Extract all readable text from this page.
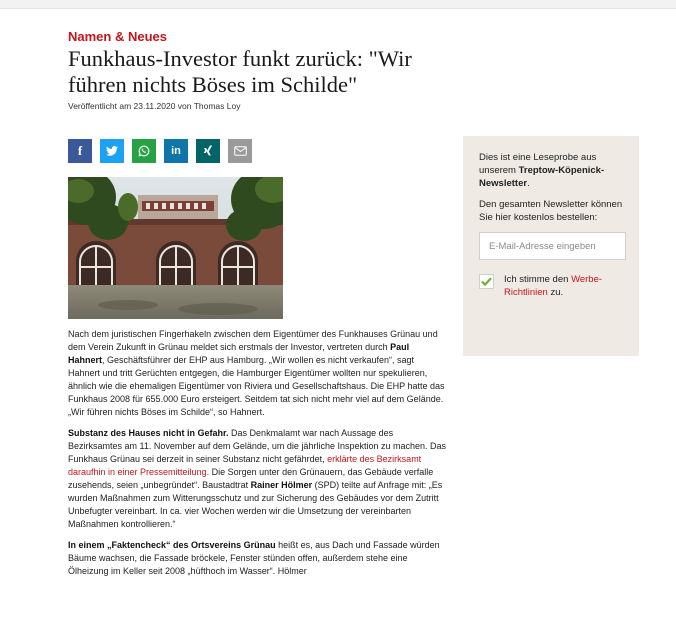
Namen & Neues
Funkhaus-Investor funkt zurück: "Wir führen nichts Böses im Schilde"
Veröffentlicht am 23.11.2020 von Thomas Loy
f	in

Nach dem juristischen Fingerhakeln zwischen dem Eigentümer des Funkhauses Grünau und dem Verein Zukunft in Grünau meldet sich erstmals der Investor, vertreten durch Paul Hahnert, Geschäftsführer der EHP aus Hamburg. „Wir wollen es nicht verkaufen“, sagt Hahnert und tritt Gerüchten entgegen, die Hamburger Eigentümer wollten nur spekulieren, ähnlich wie die ehemaligen Eigentümer von Riviera und Gesellschaftshaus. Die EHP hatte das Funkhaus 2008 für 655.000 Euro ersteigert. Seitdem tat sich nicht mehr viel auf dem Gelände. „Wir führen nichts Böses im Schilde“, so Hahnert.

Substanz des Hauses nicht in Gefahr. Das Denkmalamt war nach Aussage des Bezirksamtes am 11. November auf dem Gelände, um die jährliche Inspektion zu machen. Das Funkhaus Grünau sei derzeit in seiner Substanz nicht gefährdet, erklärte des Bezirksamt daraufhin in einer Pressemitteilung. Die Sorgen unter den Grünauern, das Gebäude verfalle zusehends, seien „unbegründet“. Baustadtrat Rainer Hölmer (SPD) teilte auf Anfrage mit: „Es wurden Maßnahmen zum Witterungsschutz und zur Sicherung des Gebäudes vor dem Zutritt Unbefugter vereinbart. In ca. vier Wochen werden wir die Umsetzung der vereinbarten Maßnahmen kontrollieren.“

In einem „Faktencheck“ des Ortsvereins Grünau heißt es, aus Dach und Fassade würden Bäume wachsen, die Fassade bröckele, Fenster stünden offen, außerdem stehe eine Ölheizung im Keller seit 2008 „hüfthoch im Wasser“. Hölmer

Dies ist eine Leseprobe aus unserem Treptow-Köpenick-Newsletter.

Den gesamten Newsletter können Sie hier kostenlos bestellen:

E-Mail-Adresse eingeben
Ich stimme den Werbe-Richtlinien zu.
